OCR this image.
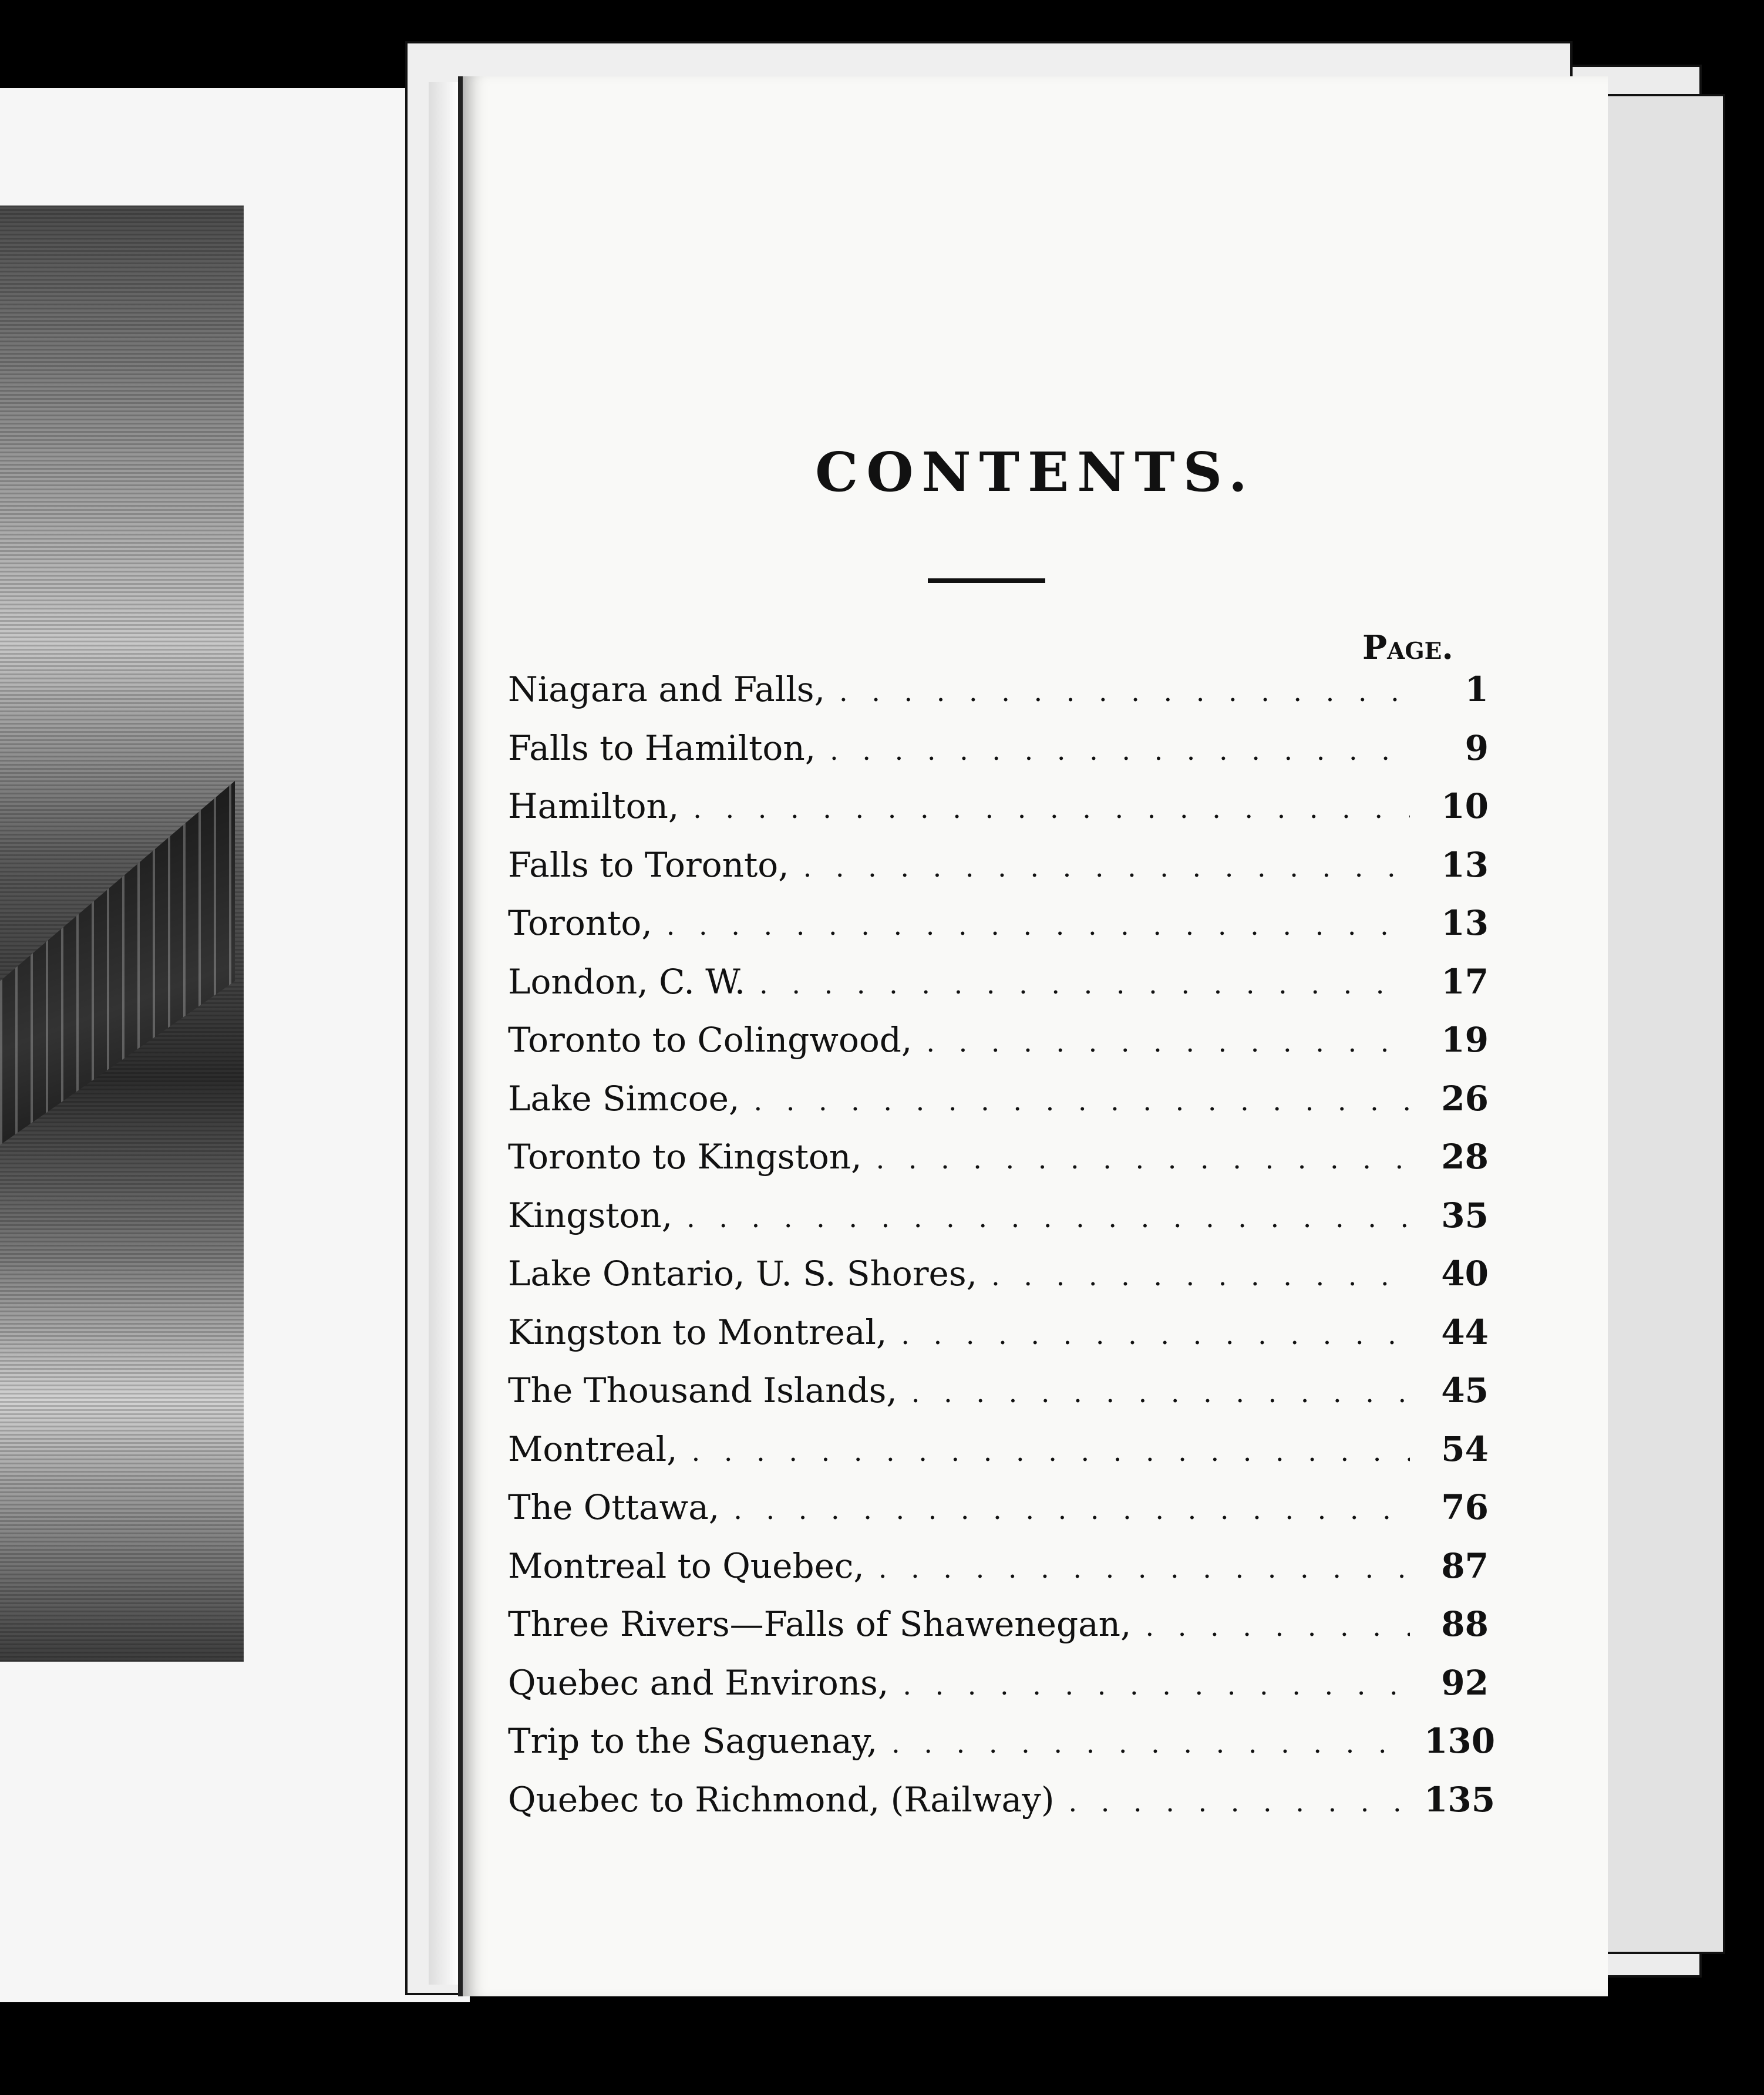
CONTENTS.
Page.
Niagara and Falls, . . .	1
Falls to Hamilton, . . .	9
Hamilton, . . .	10
Falls to Toronto, . . .	13
Toronto, . . .	13
London, C. W. . . .	17
Toronto to Colingwood, . . .	19
Lake Simcoe, . . .	26
Toronto to Kingston, . . .	28
Kingston, . . .	35
Lake Ontario, U. S. Shores, . . .	40
Kingston to Montreal, . . .	44
The Thousand Islands, . . .	45
Montreal, . . .	54
The Ottawa, . . .	76
Montreal to Quebec, . . .	87
Three Rivers—Falls of Shawenegan, . . .	88
Quebec and Environs, . . .	92
Trip to the Saguenay, . . .	130
Quebec to Richmond, (Railway) . . .	135
